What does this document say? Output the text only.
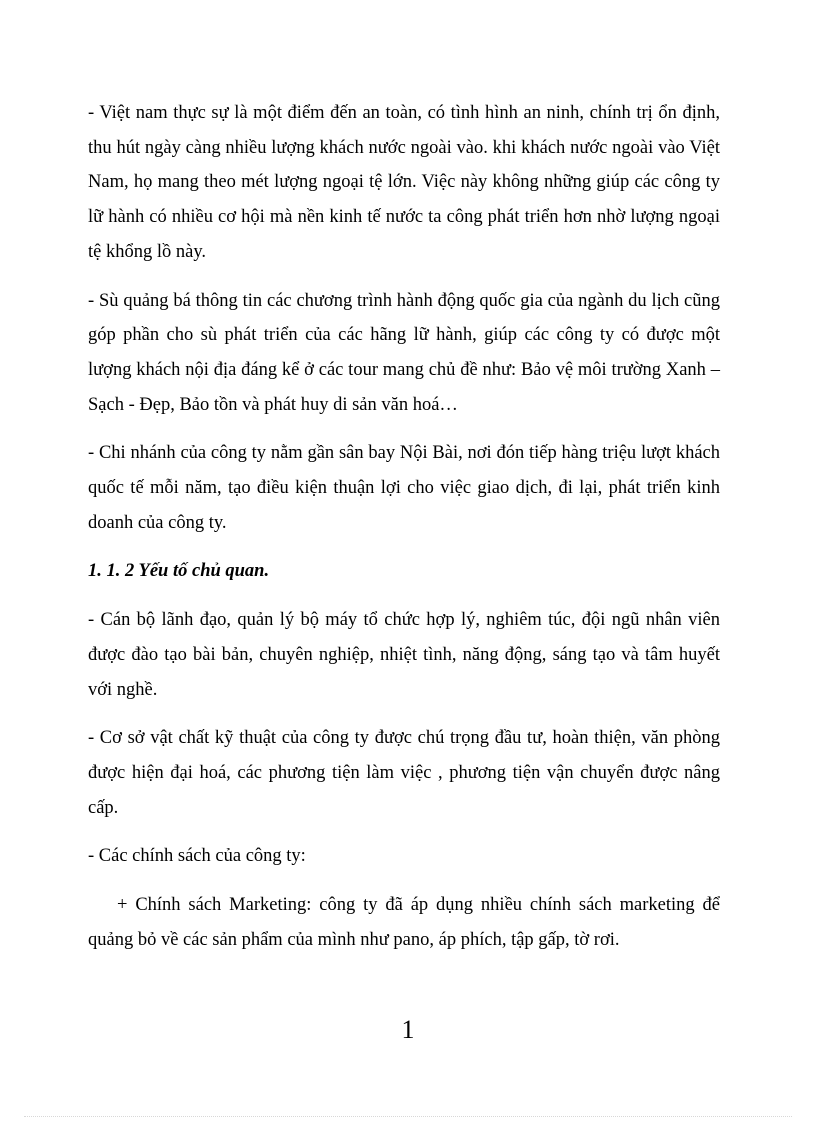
- Việt nam thực sự là một điểm đến an toàn, có tình hình an ninh, chính trị ổn định, thu hút ngày càng nhiều lượng khách nước ngoài vào. khi khách nước ngoài vào Việt Nam, họ mang theo mét lượng ngoại tệ lớn. Việc này không những giúp các công ty lữ hành có nhiều cơ hội mà nền kinh tế nước ta công phát triển hơn nhờ lượng ngoại tệ khổng lồ này.

- Sù quảng bá thông tin các chương trình hành động quốc gia của ngành du lịch cũng góp phần cho sù phát triển của các hãng lữ hành, giúp các công ty có được một lượng khách nội địa đáng kể ở các tour mang chủ đề như: Bảo vệ môi trường Xanh – Sạch - Đẹp, Bảo tồn và phát huy di sản văn hoá…

- Chi nhánh của công ty nằm gần sân bay Nội Bài, nơi đón tiếp hàng triệu lượt khách quốc tế mỗi năm, tạo điều kiện thuận lợi cho việc giao dịch, đi lại, phát triển kinh doanh của công ty.

1. 1. 2 Yếu tố chủ quan.

- Cán bộ lãnh đạo, quản lý bộ máy tổ chức hợp lý, nghiêm túc, đội ngũ nhân viên được đào tạo bài bản, chuyên nghiệp, nhiệt tình, năng động, sáng tạo và tâm huyết với nghề.

- Cơ sở vật chất kỹ thuật của công ty được chú trọng đầu tư, hoàn thiện, văn phòng được hiện đại hoá, các phương tiện làm việc , phương tiện vận chuyển được nâng cấp.

- Các chính sách của công ty:

+ Chính sách Marketing: công ty đã áp dụng nhiều chính sách marketing để quảng bỏ về các sản phẩm của mình như pano, áp phích, tập gấp, tờ rơi.

1
